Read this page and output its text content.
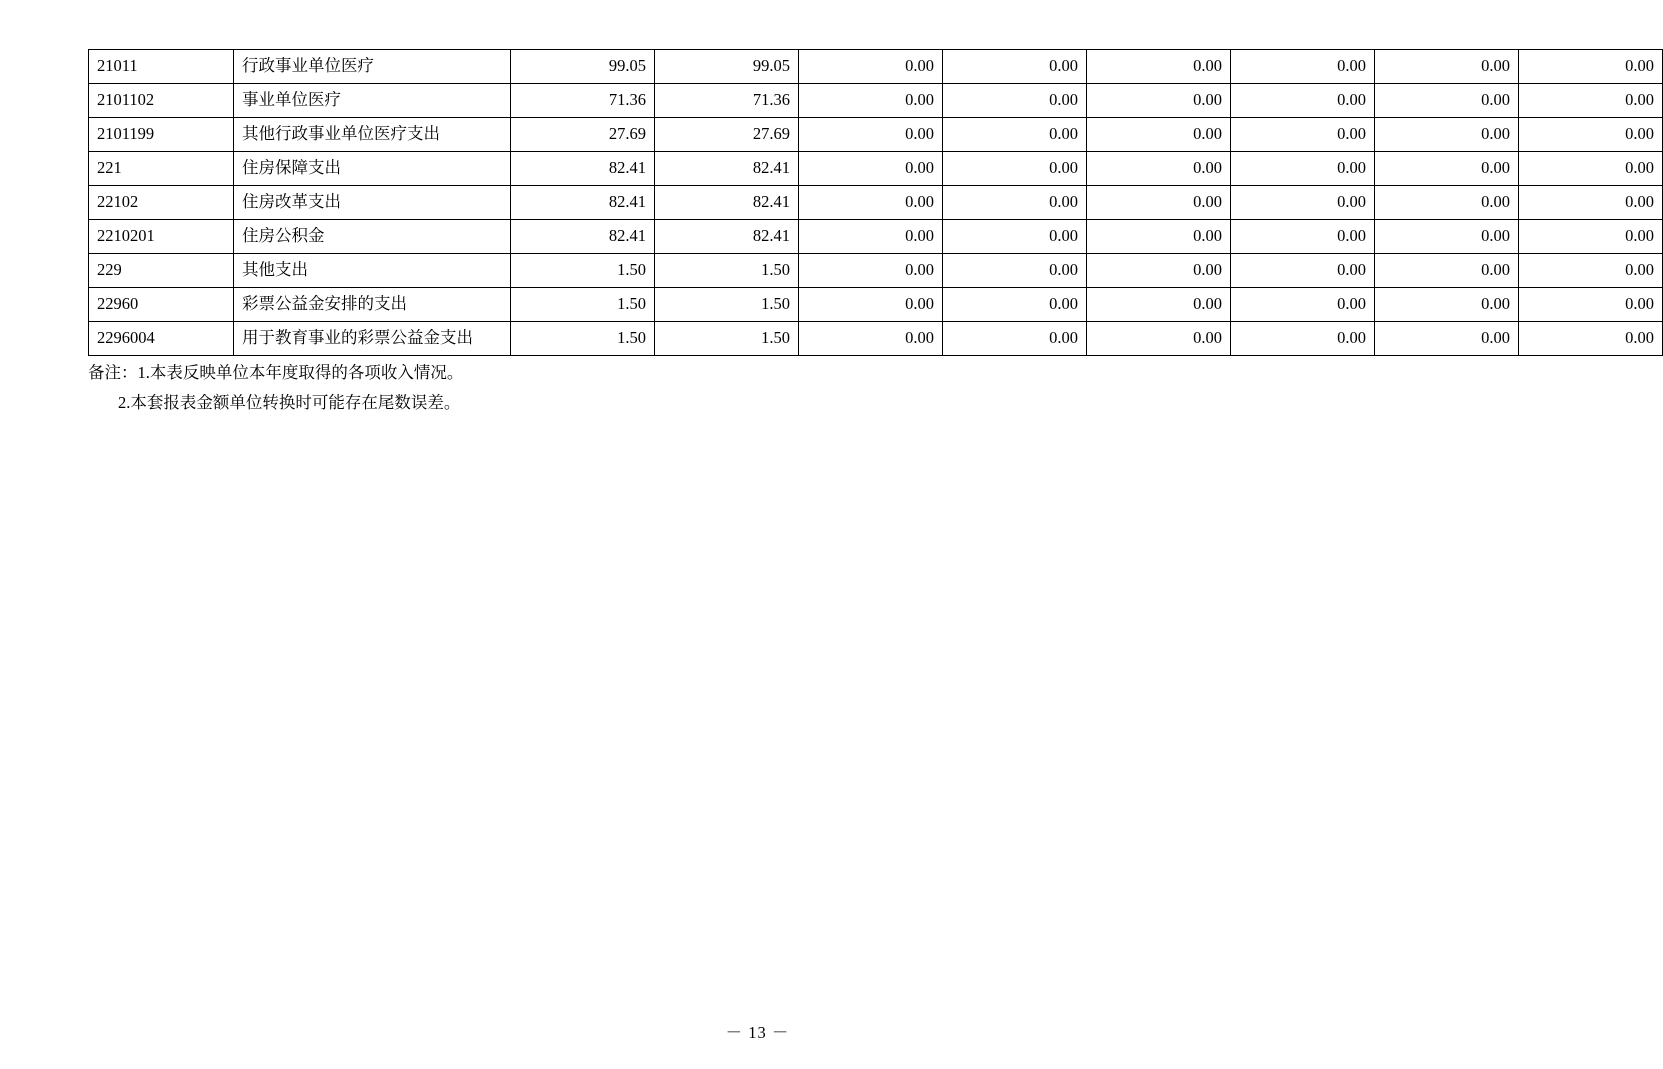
21011	行政事业单位医疗	99.05	99.05	0.00	0.00	0.00	0.00	0.00	0.00
2101102	事业单位医疗	71.36	71.36	0.00	0.00	0.00	0.00	0.00	0.00
2101199	其他行政事业单位医疗支出	27.69	27.69	0.00	0.00	0.00	0.00	0.00	0.00
221	住房保障支出	82.41	82.41	0.00	0.00	0.00	0.00	0.00	0.00
22102	住房改革支出	82.41	82.41	0.00	0.00	0.00	0.00	0.00	0.00
2210201	住房公积金	82.41	82.41	0.00	0.00	0.00	0.00	0.00	0.00
229	其他支出	1.50	1.50	0.00	0.00	0.00	0.00	0.00	0.00
22960	彩票公益金安排的支出	1.50	1.50	0.00	0.00	0.00	0.00	0.00	0.00
2296004	用于教育事业的彩票公益金支出	1.50	1.50	0.00	0.00	0.00	0.00	0.00	0.00
备注：1.本表反映单位本年度取得的各项收入情况。
2.本套报表金额单位转换时可能存在尾数误差。
－ 13 －
